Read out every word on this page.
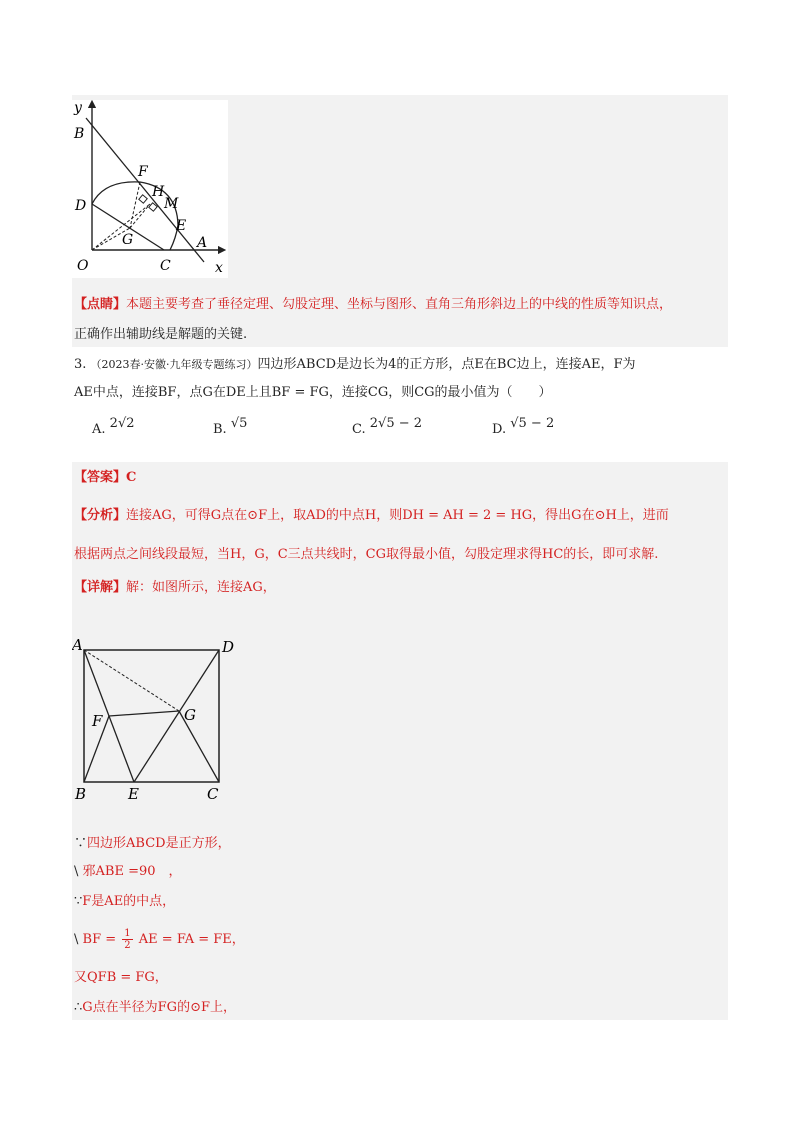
y
B
F
H
M
D
E
G	A
O	C	x
【点睛】本题主要考查了垂径定理、勾股定理、坐标与图形、直角三角形斜边上的中线的性质等知识点，
正确作出辅助线是解题的关键.
3. （2023春·安徽·九年级专题练习）四边形ABCD是边长为4的正方形，点E在BC边上，连接AE，F为
AE中点，连接BF，点G在DE上且BF = FG，连接CG，则CG的最小值为（　　）
A. 2√2	B. √5	C. 2√5 − 2	D. √5 − 2
【答案】C
【分析】连接AG，可得G点在⊙F上，取AD的中点H，则DH = AH = 2 = HG，得出G在⊙H上，进而
根据两点之间线段最短，当H，G，C三点共线时，CG取得最小值，勾股定理求得HC的长，即可求解.
【详解】解：如图所示，连接AG，
A	D
F	G
B	E	C
∵四边形ABCD是正方形，
\ 邪ABE =90　，
∵F是AE的中点，
\ BF = $\frac{1}{2}$ AE = FA = FE，
又QFB = FG，
∴G点在半径为FG的⊙F上，
